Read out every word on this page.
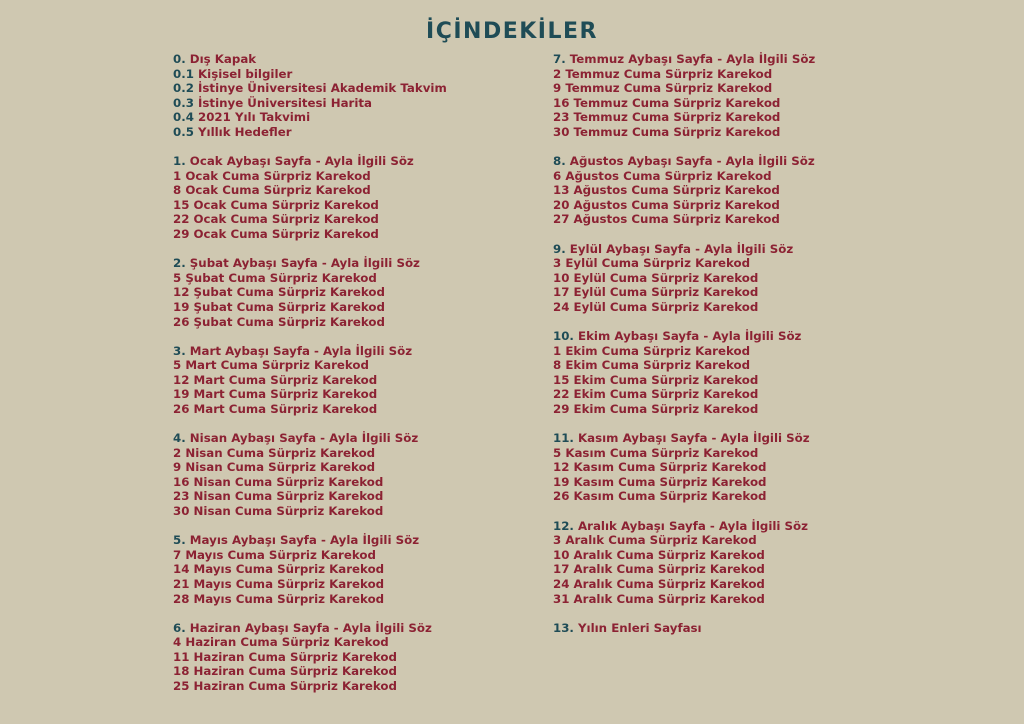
İÇİNDEKİLER
0. Dış Kapak
0.1 Kişisel bilgiler
0.2 İstinye Üniversitesi Akademik Takvim
0.3 İstinye Üniversitesi Harita
0.4 2021 Yılı Takvimi
0.5 Yıllık Hedefler
1. Ocak Aybaşı Sayfa - Ayla İlgili Söz
1 Ocak Cuma Sürpriz Karekod
8 Ocak Cuma Sürpriz Karekod
15 Ocak Cuma Sürpriz Karekod
22 Ocak Cuma Sürpriz Karekod
29 Ocak Cuma Sürpriz Karekod
2. Şubat Aybaşı Sayfa - Ayla İlgili Söz
5 Şubat Cuma Sürpriz Karekod
12 Şubat Cuma Sürpriz Karekod
19 Şubat Cuma Sürpriz Karekod
26 Şubat Cuma Sürpriz Karekod
3. Mart Aybaşı Sayfa - Ayla İlgili Söz
5 Mart Cuma Sürpriz Karekod
12 Mart Cuma Sürpriz Karekod
19 Mart Cuma Sürpriz Karekod
26 Mart Cuma Sürpriz Karekod
4. Nisan Aybaşı Sayfa - Ayla İlgili Söz
2 Nisan Cuma Sürpriz Karekod
9 Nisan Cuma Sürpriz Karekod
16 Nisan Cuma Sürpriz Karekod
23 Nisan Cuma Sürpriz Karekod
30 Nisan Cuma Sürpriz Karekod
5. Mayıs Aybaşı Sayfa - Ayla İlgili Söz
7 Mayıs Cuma Sürpriz Karekod
14 Mayıs Cuma Sürpriz Karekod
21 Mayıs Cuma Sürpriz Karekod
28 Mayıs Cuma Sürpriz Karekod
6. Haziran Aybaşı Sayfa - Ayla İlgili Söz
4 Haziran Cuma Sürpriz Karekod
11 Haziran Cuma Sürpriz Karekod
18 Haziran Cuma Sürpriz Karekod
25 Haziran Cuma Sürpriz Karekod
7. Temmuz Aybaşı Sayfa - Ayla İlgili Söz
2 Temmuz Cuma Sürpriz Karekod
9 Temmuz Cuma Sürpriz Karekod
16 Temmuz Cuma Sürpriz Karekod
23 Temmuz Cuma Sürpriz Karekod
30 Temmuz Cuma Sürpriz Karekod
8. Ağustos Aybaşı Sayfa - Ayla İlgili Söz
6 Ağustos Cuma Sürpriz Karekod
13 Ağustos Cuma Sürpriz Karekod
20 Ağustos Cuma Sürpriz Karekod
27 Ağustos Cuma Sürpriz Karekod
9. Eylül Aybaşı Sayfa - Ayla İlgili Söz
3 Eylül Cuma Sürpriz Karekod
10 Eylül Cuma Sürpriz Karekod
17 Eylül Cuma Sürpriz Karekod
24 Eylül Cuma Sürpriz Karekod
10. Ekim Aybaşı Sayfa - Ayla İlgili Söz
1 Ekim Cuma Sürpriz Karekod
8 Ekim Cuma Sürpriz Karekod
15 Ekim Cuma Sürpriz Karekod
22 Ekim Cuma Sürpriz Karekod
29 Ekim Cuma Sürpriz Karekod
11. Kasım Aybaşı Sayfa - Ayla İlgili Söz
5 Kasım Cuma Sürpriz Karekod
12 Kasım Cuma Sürpriz Karekod
19 Kasım Cuma Sürpriz Karekod
26 Kasım Cuma Sürpriz Karekod
12. Aralık Aybaşı Sayfa - Ayla İlgili Söz
3 Aralık Cuma Sürpriz Karekod
10 Aralık Cuma Sürpriz Karekod
17 Aralık Cuma Sürpriz Karekod
24 Aralık Cuma Sürpriz Karekod
31 Aralık Cuma Sürpriz Karekod
13. Yılın Enleri Sayfası
